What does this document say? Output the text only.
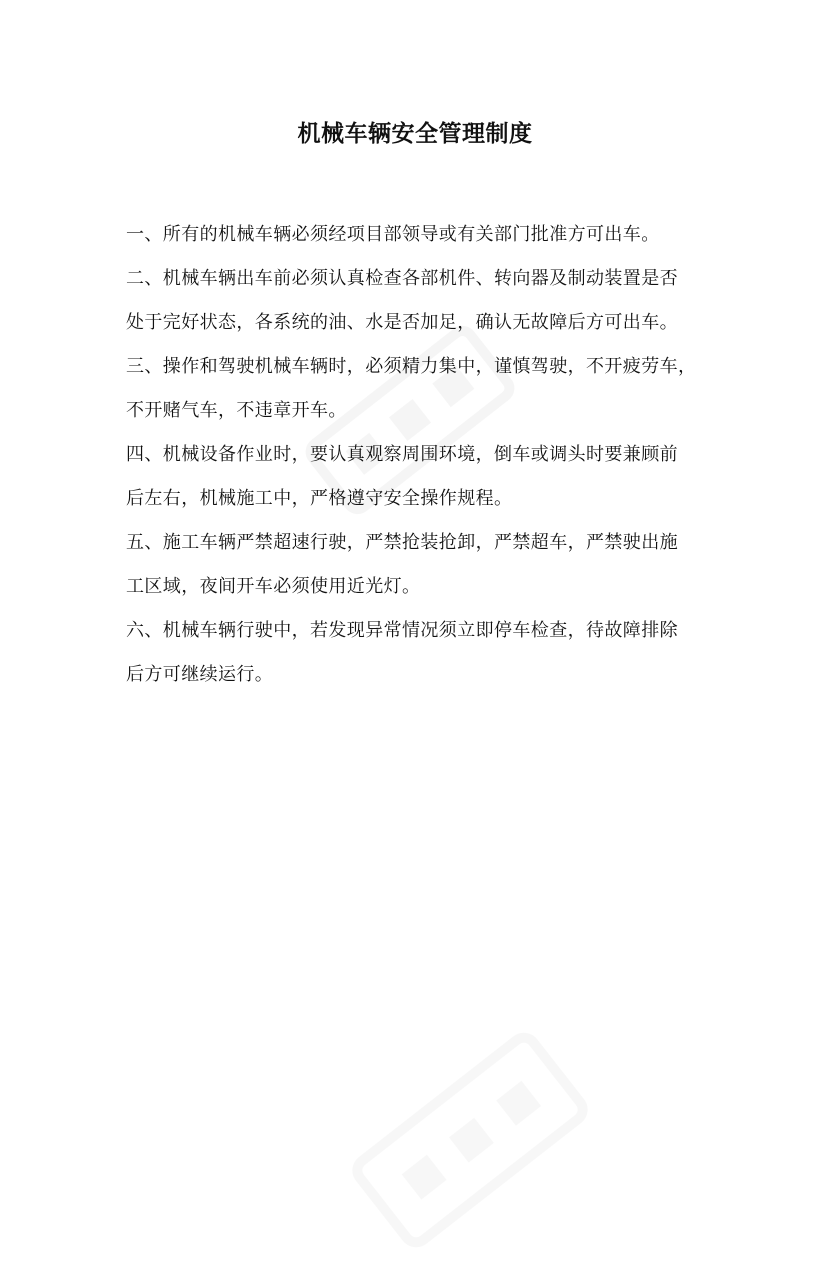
机械车辆安全管理制度
一、所有的机械车辆必须经项目部领导或有关部门批准方可出车。
二、机械车辆出车前必须认真检查各部机件、转向器及制动装置是否
处于完好状态，各系统的油、水是否加足，确认无故障后方可出车。
三、操作和驾驶机械车辆时，必须精力集中，谨慎驾驶，不开疲劳车，
不开赌气车，不违章开车。
四、机械设备作业时，要认真观察周围环境，倒车或调头时要兼顾前
后左右，机械施工中，严格遵守安全操作规程。
五、施工车辆严禁超速行驶，严禁抢装抢卸，严禁超车，严禁驶出施
工区域，夜间开车必须使用近光灯。
六、机械车辆行驶中，若发现异常情况须立即停车检查，待故障排除
后方可继续运行。
